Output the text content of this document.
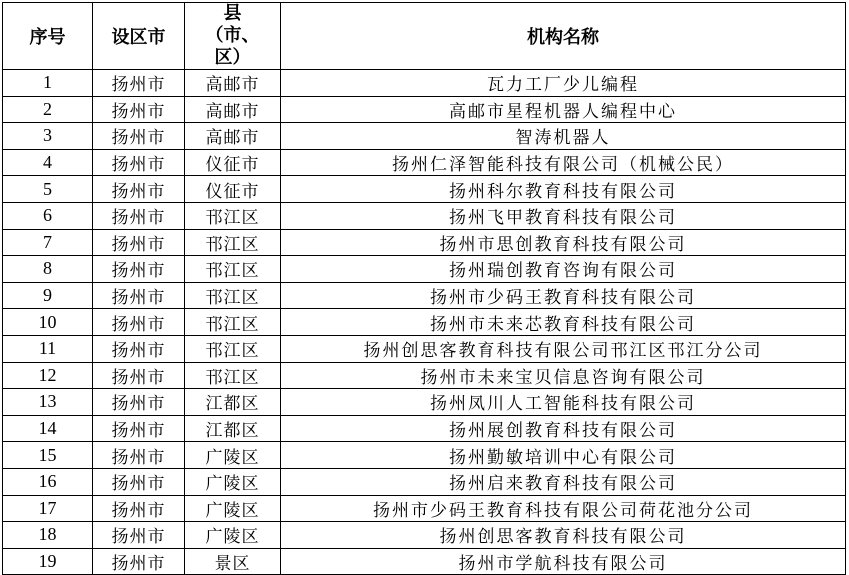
序号	设区市	县（市、区）	机构名称
1	扬州市	高邮市	瓦力工厂少儿编程
2	扬州市	高邮市	高邮市星程机器人编程中心
3	扬州市	高邮市	智涛机器人
4	扬州市	仪征市	扬州仁泽智能科技有限公司（机械公民）
5	扬州市	仪征市	扬州科尔教育科技有限公司
6	扬州市	邗江区	扬州飞甲教育科技有限公司
7	扬州市	邗江区	扬州市思创教育科技有限公司
8	扬州市	邗江区	扬州瑞创教育咨询有限公司
9	扬州市	邗江区	扬州市少码王教育科技有限公司
10	扬州市	邗江区	扬州市未来芯教育科技有限公司
11	扬州市	邗江区	扬州创思客教育科技有限公司邗江区邗江分公司
12	扬州市	邗江区	扬州市未来宝贝信息咨询有限公司
13	扬州市	江都区	扬州凤川人工智能科技有限公司
14	扬州市	江都区	扬州展创教育科技有限公司
15	扬州市	广陵区	扬州勤敏培训中心有限公司
16	扬州市	广陵区	扬州启来教育科技有限公司
17	扬州市	广陵区	扬州市少码王教育科技有限公司荷花池分公司
18	扬州市	广陵区	扬州创思客教育科技有限公司
19	扬州市	景区	扬州市学航科技有限公司
